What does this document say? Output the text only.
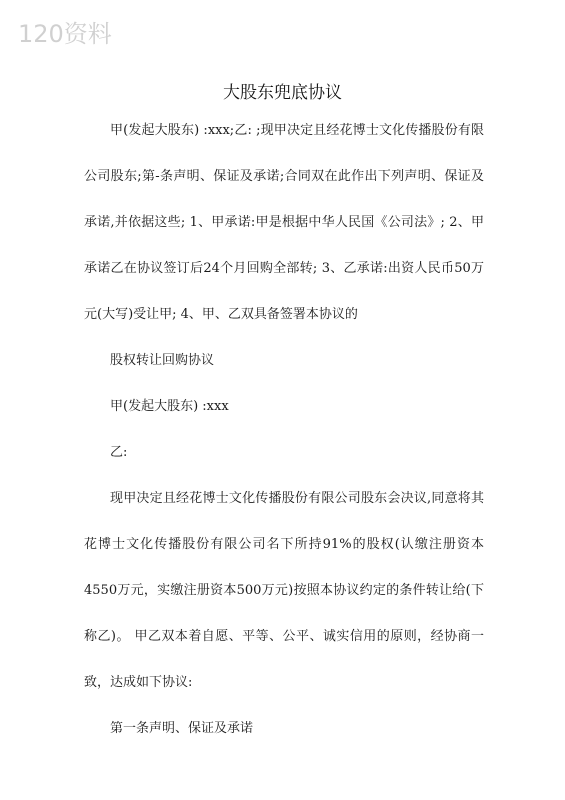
120资料
大股东兜底协议

甲(发起大股东) :xxx;乙: ;现甲决定且经花博士文化传播股份有限公司股东;第-条声明、保证及承诺;合同双在此作出下列声明、保证及承诺,并依据这些; 1、甲承诺:甲是根据中华人民国《公司法》; 2、甲承诺乙在协议签订后24个月回购全部转; 3、乙承诺:出资人民币50万元(大写)受让甲; 4、甲、乙双具备签署本协议的

股权转让回购协议

甲(发起大股东) :xxx

乙:

现甲决定且经花博士文化传播股份有限公司股东会决议,同意将其花博士文化传播股份有限公司名下所持91%的股权(认缴注册资本4550万元，实缴注册资本500万元)按照本协议约定的条件转让给(下称乙)。 甲乙双本着自愿、平等、公平、诚实信用的原则，经协商一致，达成如下协议:

第一条声明、保证及承诺
